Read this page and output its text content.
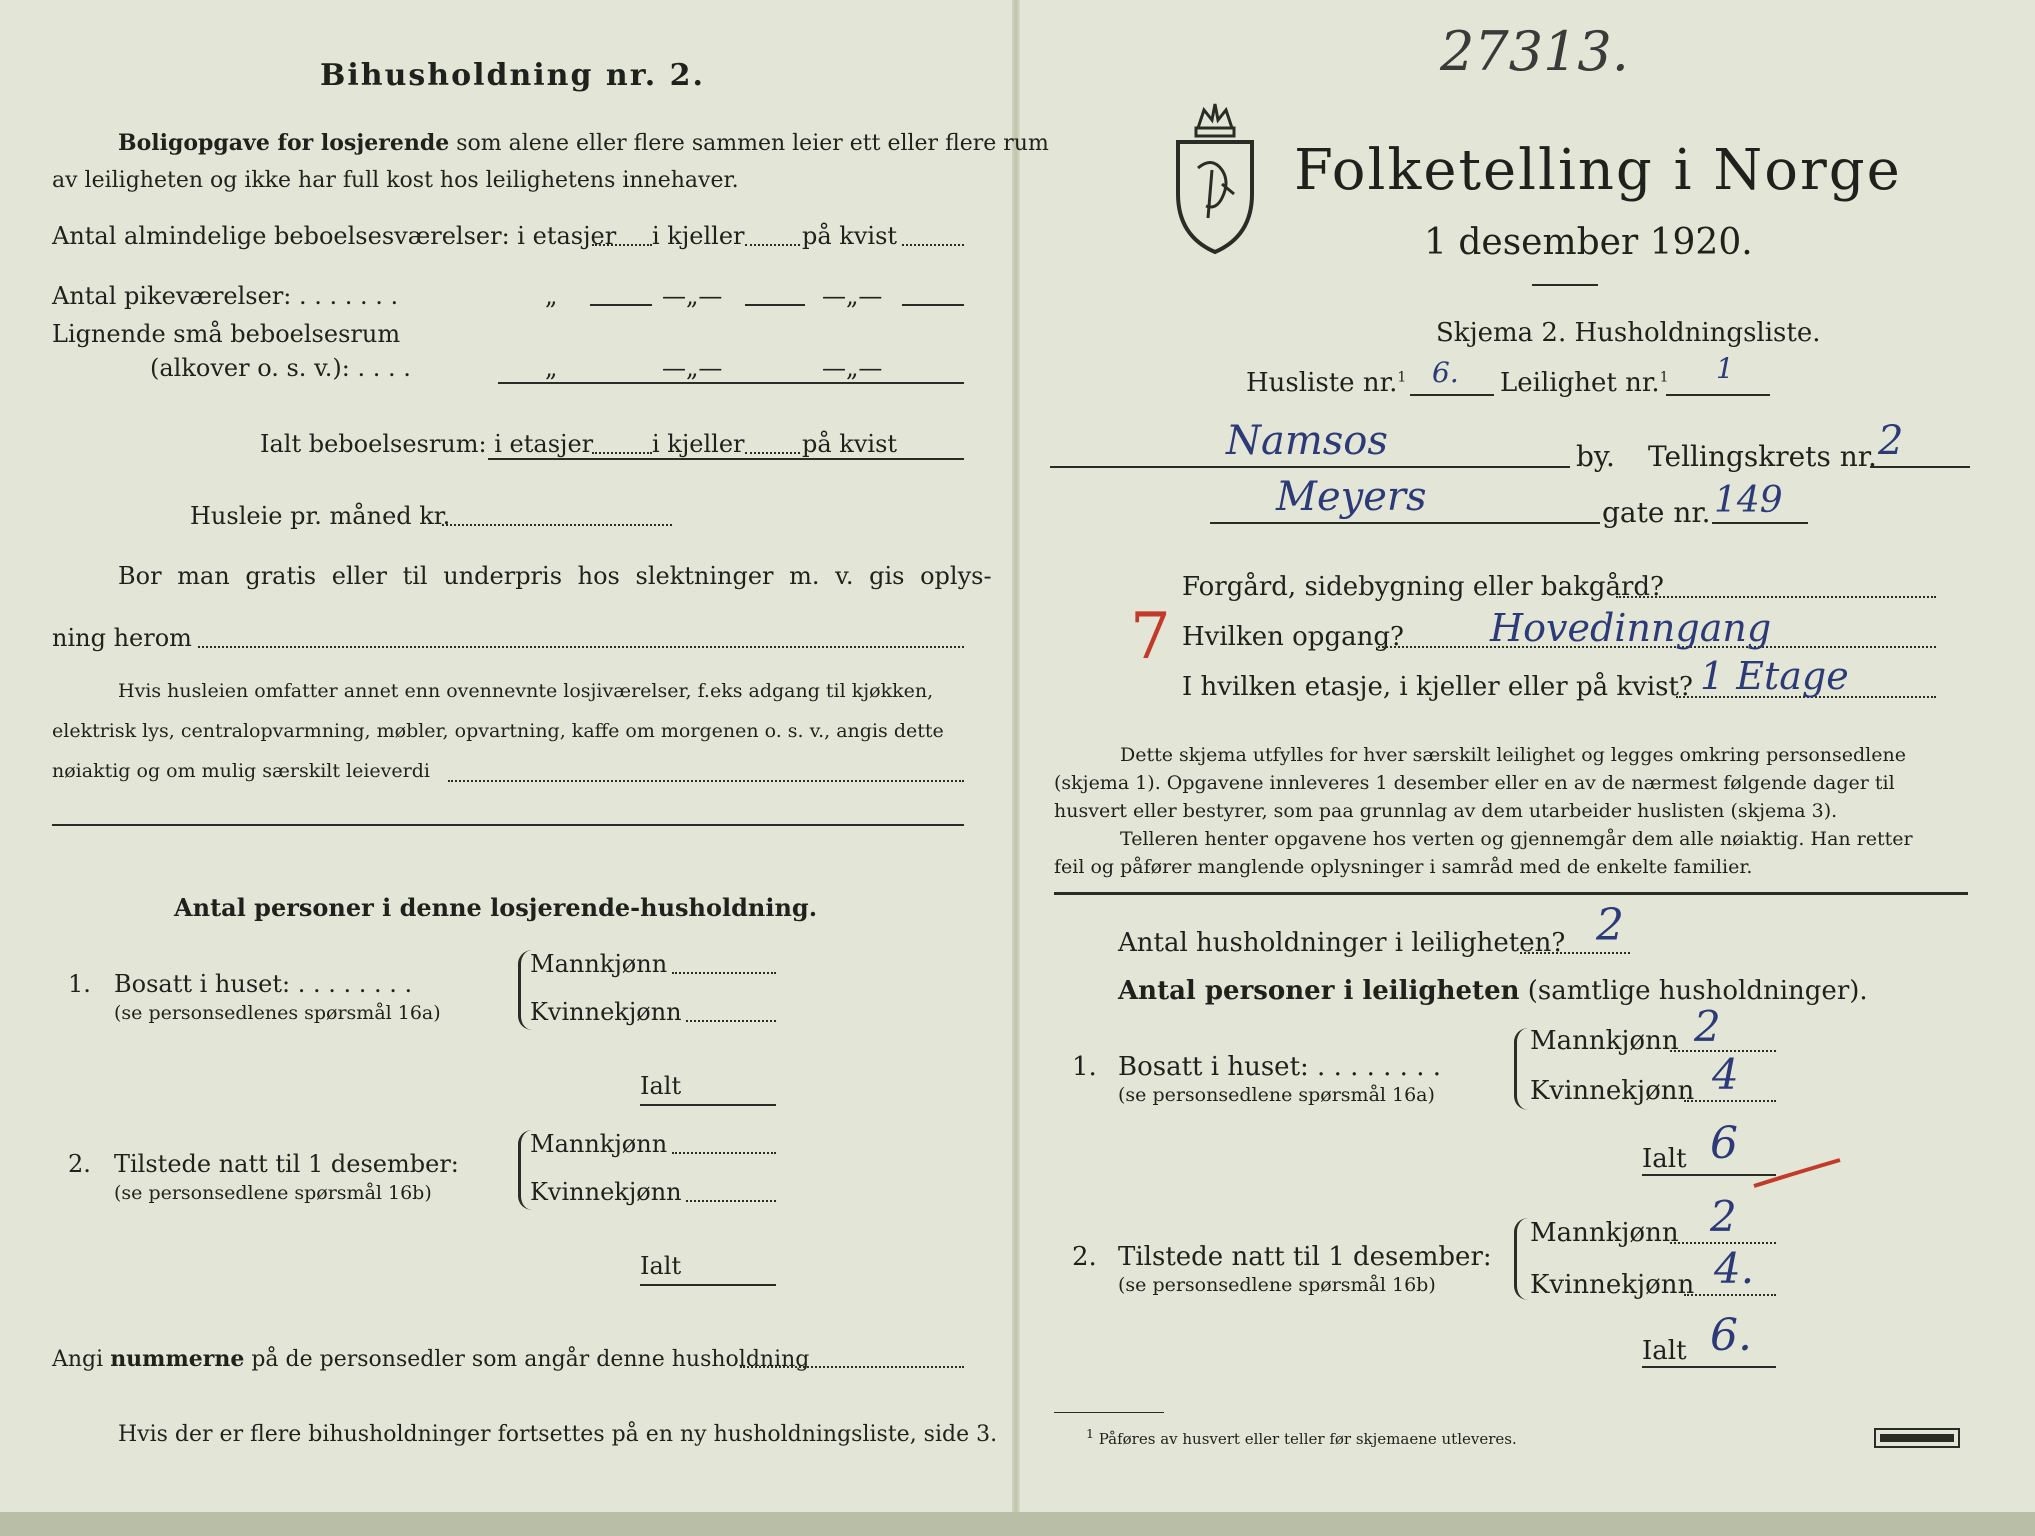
Bihusholdning nr. 2.
Boligopgave for losjerende som alene eller flere sammen leier ett eller flere rum
av leiligheten og ikke har full kost hos leilighetens innehaver.
Antal almindelige beboelsesværelser: i etasjer i kjeller på kvist
Antal pikeværelser: . . . . . . .	„	—„—	—„—
Lignende små beboelsesrum
(alkover o. s. v.): . . . .	„	—„—	—„—
Ialt beboelsesrum: i etasjer i kjeller på kvist
Husleie pr. måned kr.
Bor man gratis eller til underpris hos slektninger m. v. gis oplys-
ning herom
Hvis husleien omfatter annet enn ovennevnte losjiværelser, f.eks adgang til kjøkken,
elektrisk lys, centralopvarmning, møbler, opvartning, kaffe om morgenen o. s. v., angis dette
nøiaktig og om mulig særskilt leieverdi
Antal personer i denne losjerende-husholdning.
1. Bosatt i huset: . . . . . . . .
(se personsedlenes spørsmål 16a)
Mannkjønn
Kvinnekjønn
Ialt
2. Tilstede natt til 1 desember:
(se personsedlene spørsmål 16b)
Mannkjønn
Kvinnekjønn
Ialt
Angi nummerne på de personsedler som angår denne husholdning
Hvis der er flere bihusholdninger fortsettes på en ny husholdningsliste, side 3.
27313.
Folketelling i Norge
1 desember 1920.
Skjema 2. Husholdningsliste.
Husliste nr.$^1$ 6. Leilighet nr.$^1$ 1
Namsos	by. Tellingskrets nr. 2
Meyers	gate nr. 149
Forgård, sidebygning eller bakgård?
7 Hvilken opgang? Hovedinngang
I hvilken etasje, i kjeller eller på kvist? 1 Etage
Dette skjema utfylles for hver særskilt leilighet og legges omkring personsedlene
(skjema 1). Opgavene innleveres 1 desember eller en av de nærmest følgende dager til
husvert eller bestyrer, som paa grunnlag av dem utarbeider huslisten (skjema 3).
Telleren henter opgavene hos verten og gjennemgår dem alle nøiaktig. Han retter
feil og påfører manglende oplysninger i samråd med de enkelte familier.
Antal husholdninger i leiligheten? 2
Antal personer i leiligheten (samtlige husholdninger).
1. Bosatt i huset: . . . . . . . .
(se personsedlene spørsmål 16a)
Mannkjønn 2
Kvinnekjønn 4
Ialt 6
2. Tilstede natt til 1 desember:
(se personsedlene spørsmål 16b)
Mannkjønn 2
Kvinnekjønn 4.
Ialt 6.
$^1$ Påføres av husvert eller teller før skjemaene utleveres.
